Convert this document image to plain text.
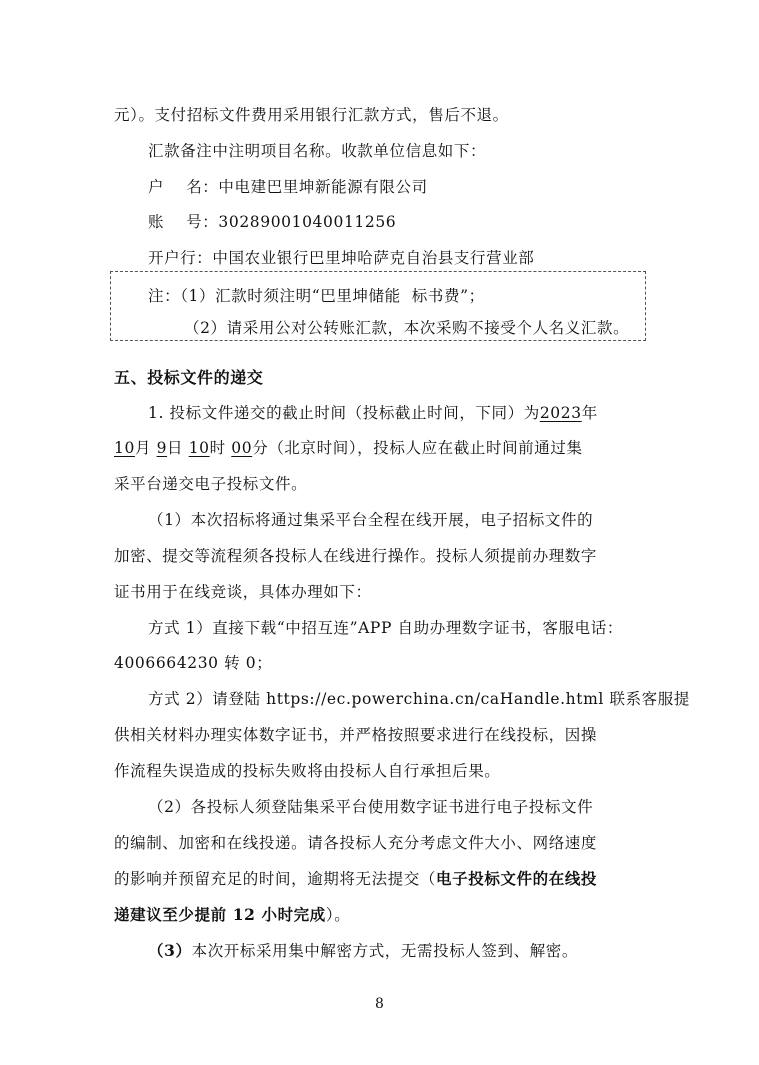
元）。支付招标文件费用采用银行汇款方式，售后不退。
汇款备注中注明项目名称。收款单位信息如下：
户    名：中电建巴里坤新能源有限公司
账    号：30289001040011256
开户行：中国农业银行巴里坤哈萨克自治县支行营业部
注：（1）汇款时须注明“巴里坤储能  标书费”；
（2）请采用公对公转账汇款，本次采购不接受个人名义汇款。
五、投标文件的递交
1. 投标文件递交的截止时间（投标截止时间，下同）为2023年
10月 9日 10时 00分（北京时间），投标人应在截止时间前通过集
采平台递交电子投标文件。
（1）本次招标将通过集采平台全程在线开展，电子招标文件的
加密、提交等流程须各投标人在线进行操作。投标人须提前办理数字
证书用于在线竞谈，具体办理如下：
方式 1）直接下载“中招互连”APP 自助办理数字证书，客服电话：
4006664230 转 0；
方式 2）请登陆 https://ec.powerchina.cn/caHandle.html 联系客服提
供相关材料办理实体数字证书，并严格按照要求进行在线投标，因操
作流程失误造成的投标失败将由投标人自行承担后果。
（2）各投标人须登陆集采平台使用数字证书进行电子投标文件
的编制、加密和在线投递。请各投标人充分考虑文件大小、网络速度
的影响并预留充足的时间，逾期将无法提交（电子投标文件的在线投
递建议至少提前 12 小时完成）。
（3）本次开标采用集中解密方式，无需投标人签到、解密。
8
